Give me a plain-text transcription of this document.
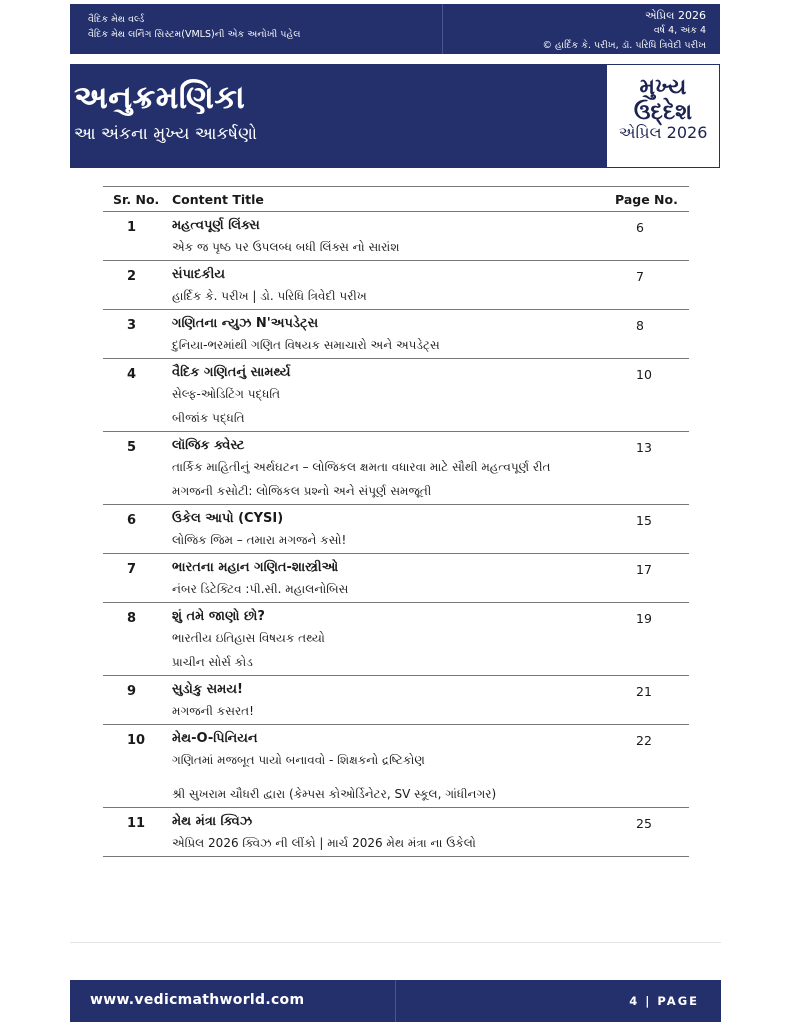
વૈદિક મેથ વર્લ્ડ
વૈદિક મેથ લર્નિંગ સિસ્ટમ(VMLS)ની એક અનોખી પહેલ
એપ્રિલ 2026
વર્ષ 4, અંક 4
© હાર્દિક કે. પરીખ, ડૉ. પરિધિ ત્રિવેદી પરીખ
અનુક્રમણિકા
આ અંકના મુખ્ય આકર્ષણો
મુખ્ય ઉદ્દેશ
એપ્રિલ 2026
Sr. No. Content Title	Page No.
1	6
મહત્વપૂર્ણ લિંક્સ
એક જ પૃષ્ઠ પર ઉપલબ્ધ બધી લિંક્સ નો સારાંશ
2	7
સંપાદકીય
હાર્દિક કે. પરીખ | ડો. પરિધિ ત્રિવેદી પરીખ
3	8
ગણિતના ન્યુઝ N'અપડેટ્સ
દુનિયા-ભરમાંથી ગણિત વિષયક સમાચારો અને અપડેટ્સ
4	10
વૈદિક ગણિતનું સામર્થ્ય
સેલ્ફ-ઓડિટિંગ પદ્ધતિ
બીજાંક પદ્ધતિ
5	13
લૉજિક ક્વેસ્ટ
તાર્કિક માહિતીનું અર્થઘટન – લોજિકલ ક્ષમતા વધારવા માટે સૌથી મહત્વપૂર્ણ રીત
મગજની કસોટી: લોજિકલ પ્રશ્નો અને સંપૂર્ણ સમજૂતી
6	15
ઉકેલ આપો (CYSI)
લોજિક જિમ – તમારા મગજને કસો!
7	17
ભારતના મહાન ગણિત-શાસ્ત્રીઓ
નંબર ડિટેક્ટિવ :પી.સી. મહાલનોબિસ
8	19
શું તમે જાણો છો?
ભારતીય ઇતિહાસ વિષયક તથ્યો
પ્રાચીન સોર્સ કોડ
9	21
સુડોકુ સમય!
મગજની કસરત!
10	22
મેથ-O-પિનિયન
ગણિતમાં મજબૂત પાયો બનાવવો - શિક્ષકનો દ્રષ્ટિકોણ
શ્રી સુખરામ ચૌધરી દ્વારા (કેમ્પસ કોઓર્ડિનેટર, SV સ્કૂલ, ગાંધીનગર)
11	25
મેથ મંત્રા ક્વિઝ
એપ્રિલ 2026 ક્વિઝ ની લીંકો | માર્ચ 2026 મેથ મંત્રા ના ઉકેલો
www.vedicmathworld.com	4 | PAGE
